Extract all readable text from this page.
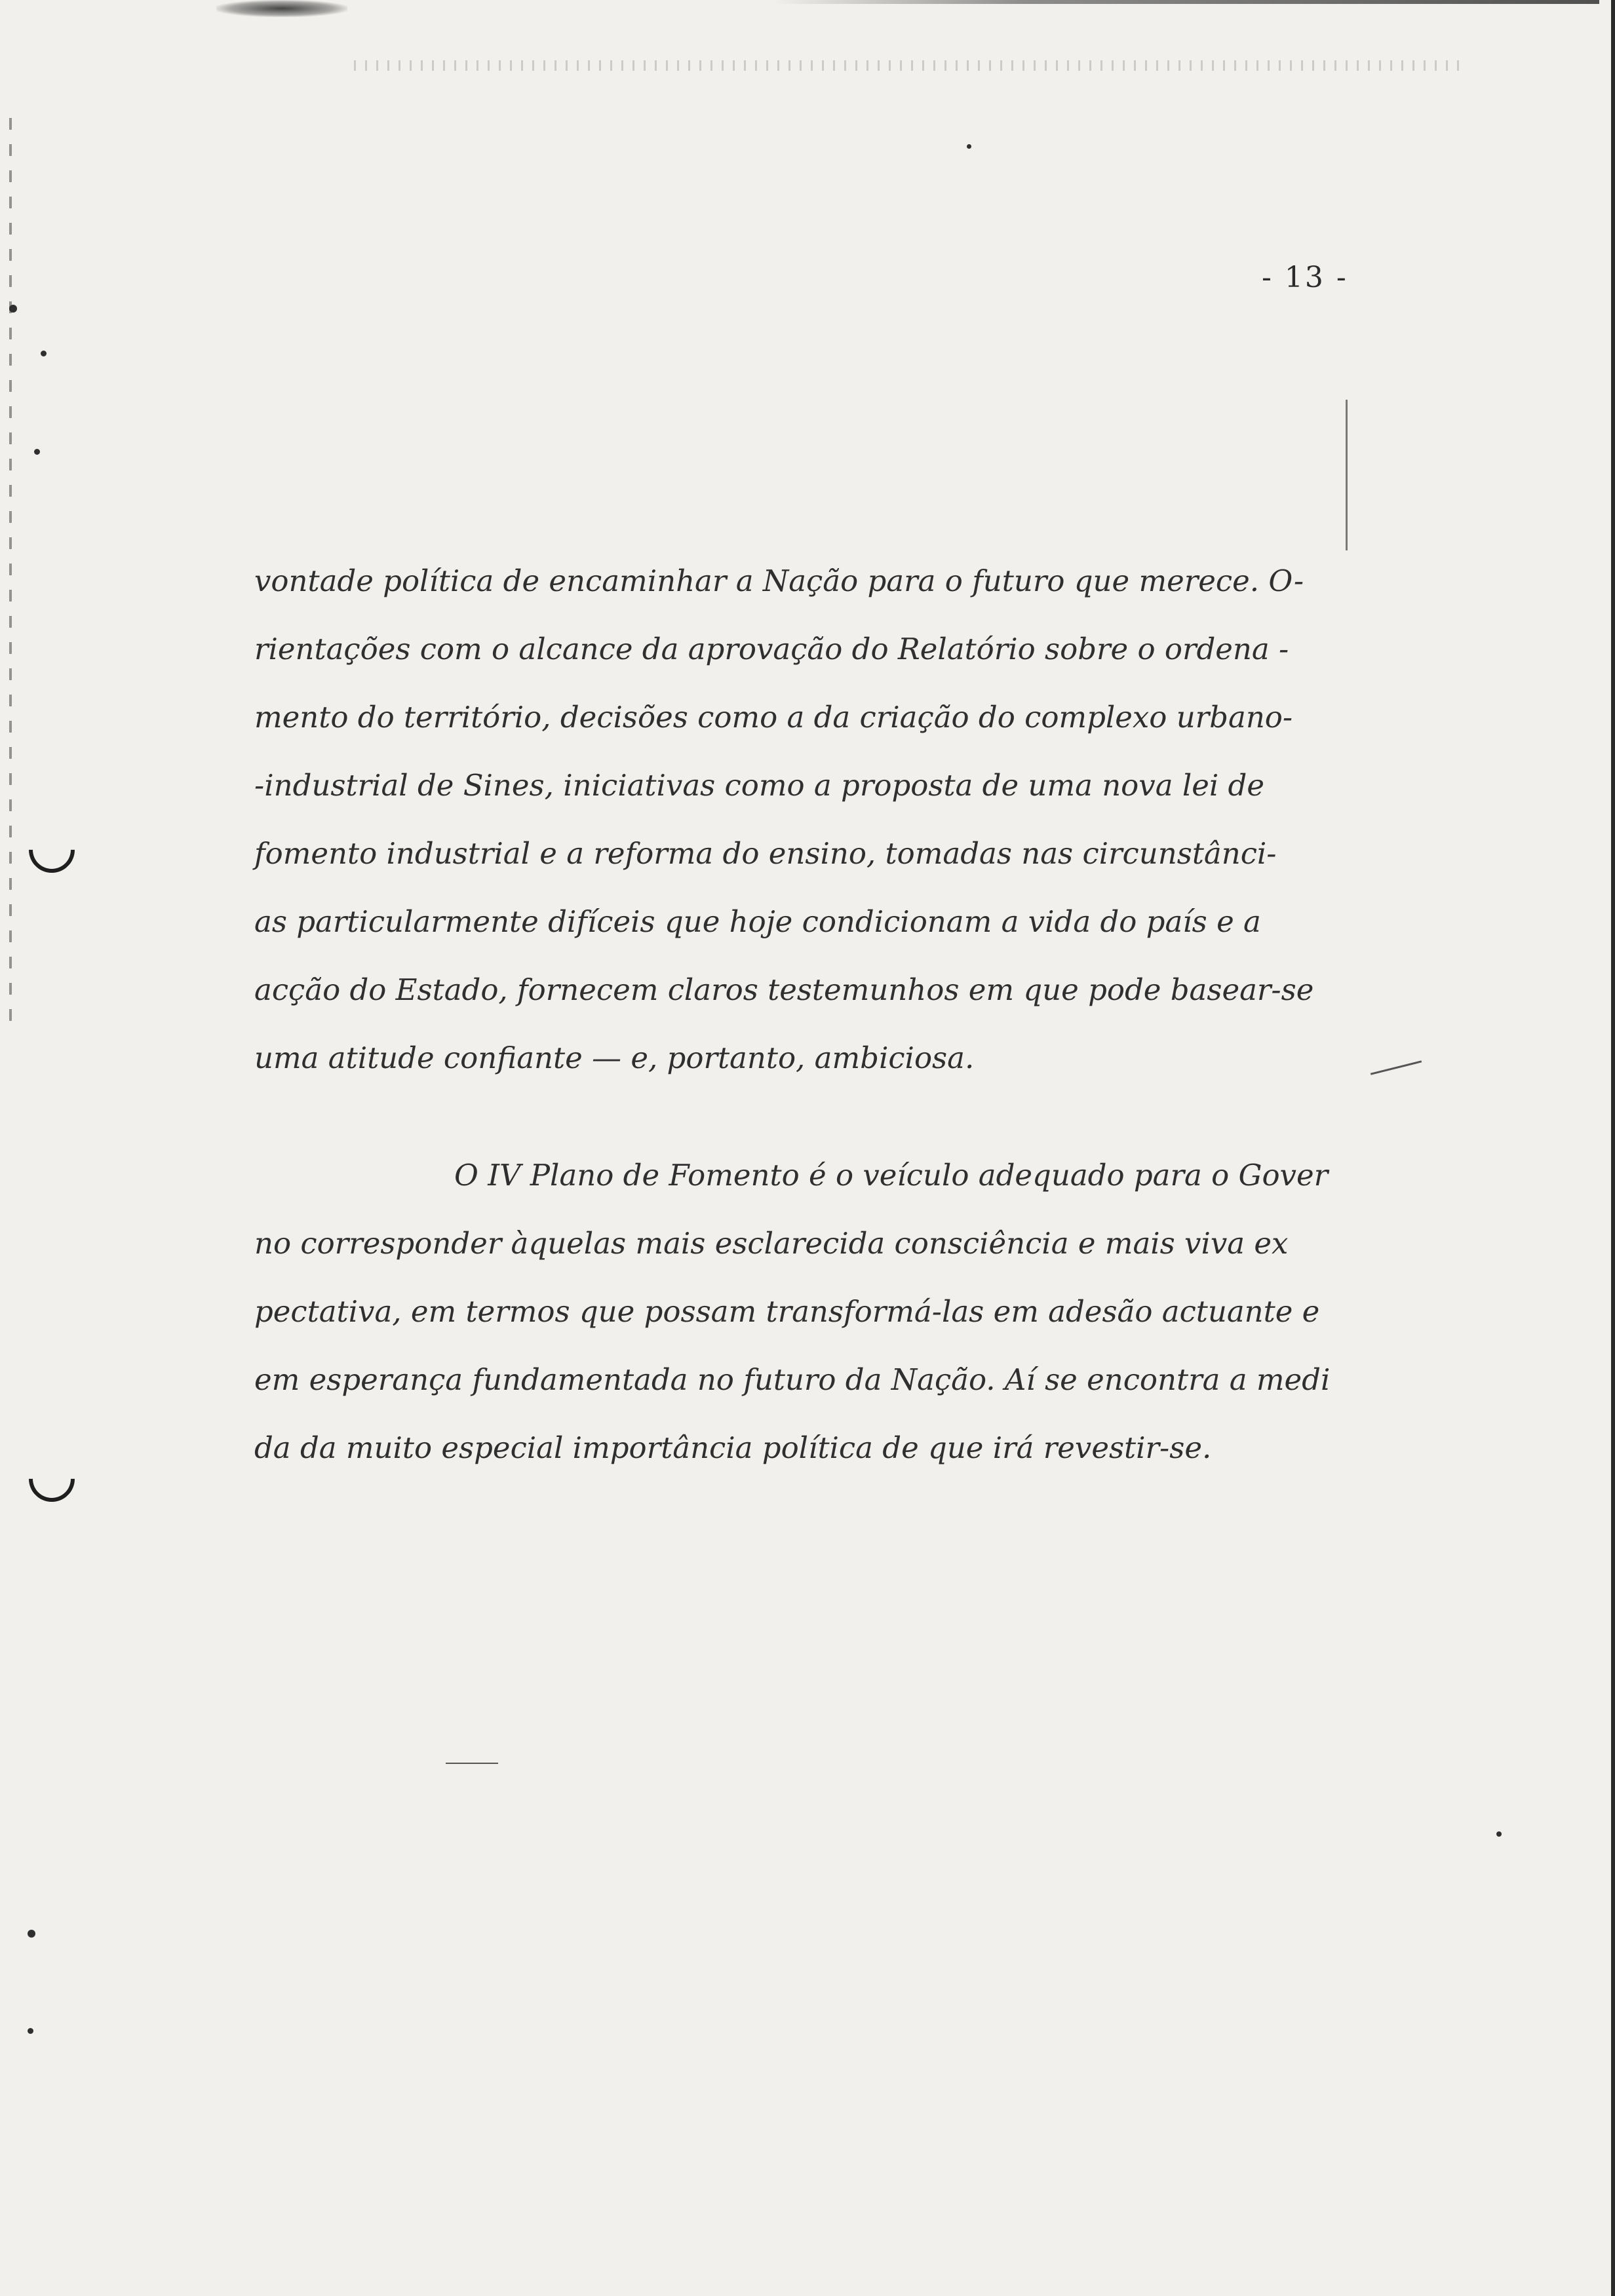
- 13 -
vontade política de encaminhar a Nação para o futuro que merece. O-
rientações com o alcance da aprovação do Relatório sobre o ordena -
mento do território, decisões como a da criação do complexo urbano-
-industrial de Sines, iniciativas como a proposta de uma nova lei de
fomento industrial e a reforma do ensino, tomadas nas circunstânci-
as particularmente difíceis que hoje condicionam a vida do país e a
acção do Estado, fornecem claros testemunhos em que pode basear-se
uma atitude confiante — e, portanto, ambiciosa.
O IV Plano de Fomento é o veículo adequado para o Gover
no corresponder àquelas mais esclarecida consciência e mais viva ex
pectativa, em termos que possam transformá-las em adesão actuante e
em esperança fundamentada no futuro da Nação. Aí se encontra a medi
da da muito especial importância política de que irá revestir-se.
